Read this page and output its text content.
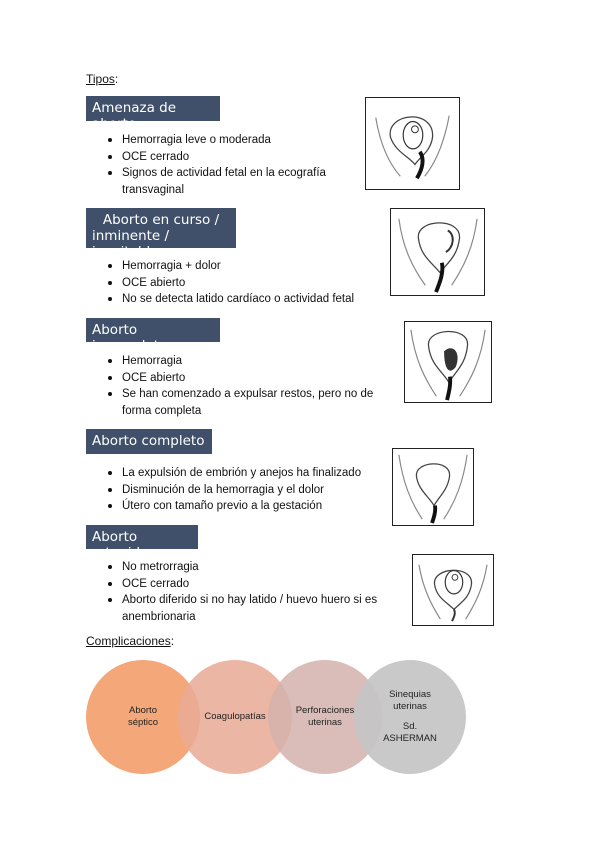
Tipos:
Amenaza de aborto
Hemorragia leve o moderada
OCE cerrado
Signos de actividad fetal en la ecografía transvaginal
Aborto en curso /
inminente / inevitable
Hemorragia + dolor
OCE abierto
No se detecta latido cardíaco o actividad fetal
Aborto incompleto
Hemorragia
OCE abierto
Se han comenzado a expulsar restos, pero no de forma completa
Aborto completo
La expulsión de embrión y anejos ha finalizado
Disminución de la hemorragia y el dolor
Útero con tamaño previo a la gestación
Aborto retenido
No metrorragia
OCE cerrado
Aborto diferido si no hay latido / huevo huero si es anembrionaria
Complicaciones:
Aborto
séptico
Coagulopatías
Perforaciones
uterinas
Sinequias
uterinas
Sd.
ASHERMAN
